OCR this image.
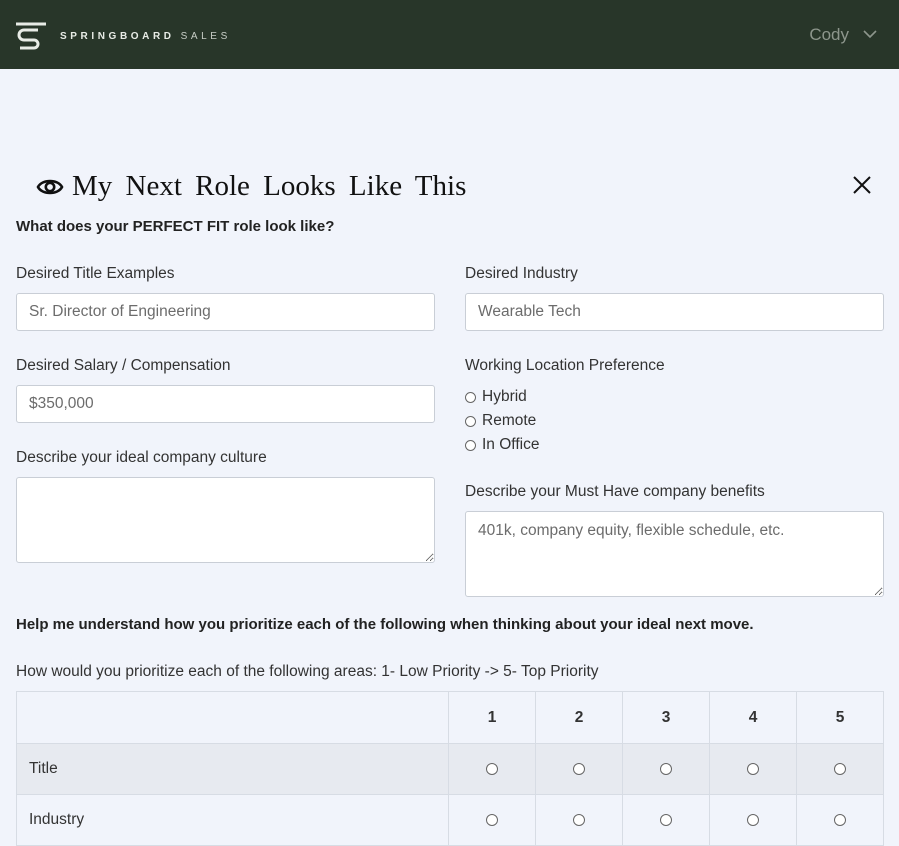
SPRINGBOARD SALES	Cody
My Next Role Looks Like This
What does your PERFECT FIT role look like?
Desired Title Examples
Sr. Director of Engineering	Desired Industry
Wearable Tech
Desired Salary / Compensation
$350,000	Working Location Preference
Hybrid
Remote
In Office
Describe your ideal company culture
Describe your Must Have company benefits
401k, company equity, flexible schedule, etc.
Help me understand how you prioritize each of the following when thinking about your ideal next move.
How would you prioritize each of the following areas: 1- Low Priority -> 5- Top Priority
	1	2	3	4	5
Title					
Industry					
